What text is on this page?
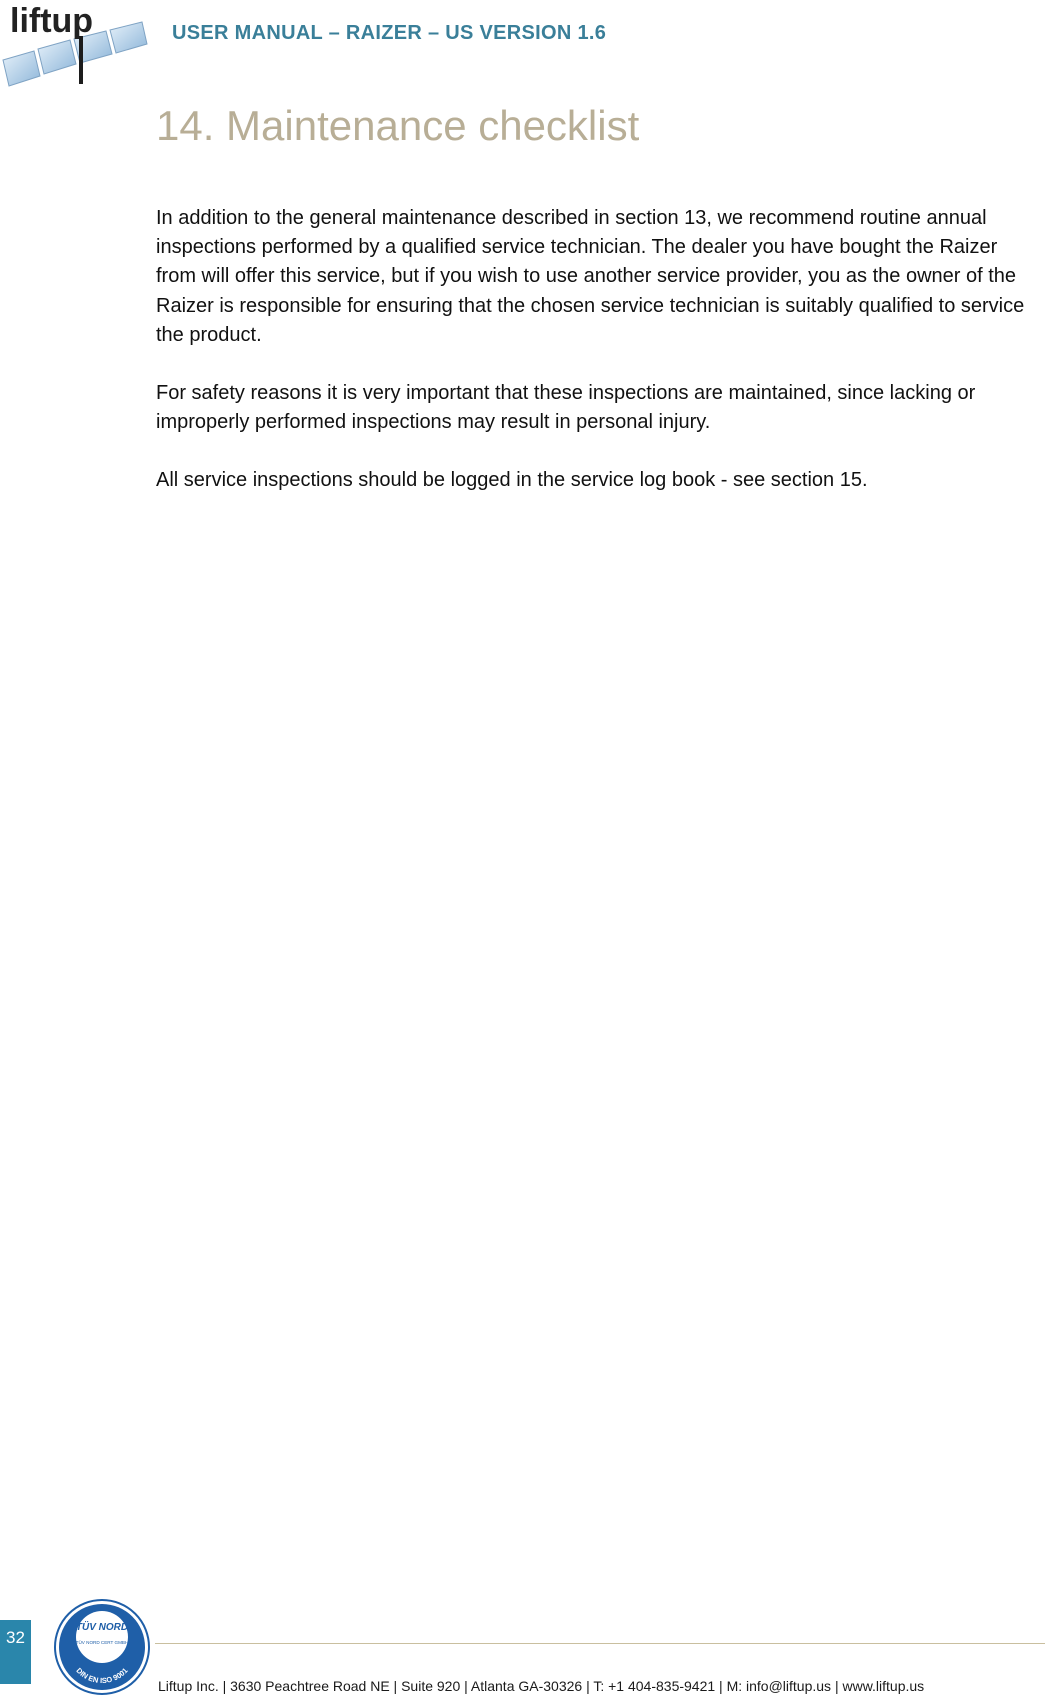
liftup	USER MANUAL – RAIZER – US VERSION 1.6
14. Maintenance checklist

In addition to the general maintenance described in section 13, we recommend routine annual inspections performed by a qualified service technician. The dealer you have bought the Raizer from will offer this service, but if you wish to use another service provider, you as the owner of the Raizer is responsible for ensuring that the chosen service technician is suitably qualified to service the product.

For safety reasons it is very important that these inspections are maintained, since lacking or improperly performed inspections may result in personal injury.

All service inspections should be logged in the service log book - see section 15.

32
TÜV NORD
TÜV NORD CERT GMBH
DIN EN ISO 9001
Liftup Inc. | 3630 Peachtree Road NE | Suite 920 | Atlanta GA-30326 | T: +1 404-835-9421 | M: info@liftup.us | www.liftup.us
